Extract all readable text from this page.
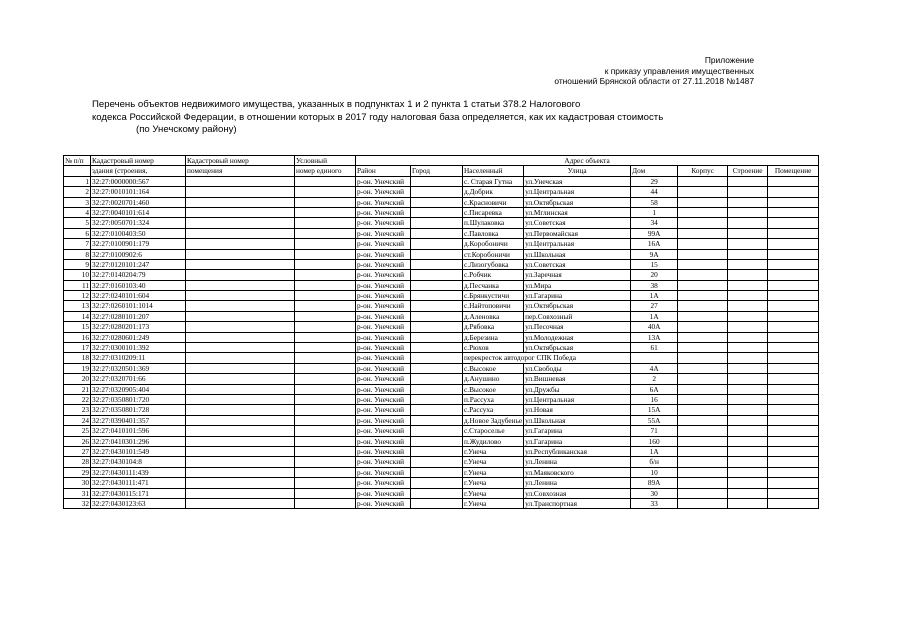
Приложение
к приказу управления имущественных
отношений Брянской области от 27.11.2018 №1487
Перечень объектов недвижимого имущества, указанных в подпунктах 1 и 2 пункта 1 статьи 378.2 Налогового
кодекса Российской Федерации, в отношении которых в 2017 году налоговая база определяется, как их кадастровая стоимость
(по Унечскому району)
№ п/п	Кадастровый номер	Кадастровый номер	Условный	Адрес объекта							
	здания (строения,	помещения	номер единого	Район	Город	Населенный	Улица	Дом	Корпус	Строение	Помещение
1	32:27:0000000:567			р-он. Унечский		с. Старая Гутна	ул.Унечская	29			
2	32:27:0010101:164			р-он. Унечский		д.Добрик	ул.Центральная	44			
3	32:27:0020701:460			р-он. Унечский		с.Красновичи	ул.Октябрьская	58			
4	32:27:0040101:614			р-он. Унечский		с.Писаревка	ул.Мглинская	1			
5	32:27:0050701:324			р-он. Унечский		п.Шулаковка	ул.Советская	34			
6	32:27:0100403:50			р-он. Унечский		с.Павловка	ул.Первомайская	99А			
7	32:27:0100901:179			р-он. Унечский		д.Коробоничи	ул.Центральная	16А			
8	32:27:0100902:6			р-он. Унечский		ст.Коробоничи	ул.Школьная	9А			
9	32:27:0120101:247			р-он. Унечский		с.Лизогубовка	ул.Советская	15			
10	32:27:0140204:79			р-он. Унечский		с.Робчик	ул.Заречная	20			
11	32:27:0160103:40			р-он. Унечский		д.Песчанка	ул.Мира	38			
12	32:27:0240101:604			р-он. Унечский		с.Брянкустичи	ул.Гагарина	1А			
13	32:27:0260101:1014			р-он. Унечский		с.Найтоповичи	ул.Октябрьская	27			
14	32:27:0280101:207			р-он. Унечский		д.Аленовка	пер.Совхозный	1А			
15	32:27:0280201:173			р-он. Унечский		д.Рябовка	ул.Песочная	40А			
16	32:27:0280601:249			р-он. Унечский		д.Березина	ул.Молодежная	13А			
17	32:27:0300101:392			р-он. Унечский		с.Рюхов	ул.Октябрьская	61			
18	32:27:0310209:11			р-он. Унечский		перекресток автодорог СПК Победа					
19	32:27:0320501:369			р-он. Унечский		с.Высокое	ул.Свободы	4А			
20	32:27:0320701:66			р-он. Унечский		д.Анушино	ул.Вишневая	2			
21	32:27:0320905:404			р-он. Унечский		с.Высокое	ул.Дружбы	6А			
22	32:27:0350801:720			р-он. Унечский		п.Рассуха	ул.Центральная	16			
23	32:27:0350801:728			р-он. Унечский		с.Рассуха	ул.Новая	15А			
24	32:27:0390401:357			р-он. Унечский		д.Новое Задубенье	ул.Школьная	55А			
25	32:27:0410101:596			р-он. Унечский		с.Староселье	ул.Гагарина	71			
26	32:27:0410301:296			р-он. Унечский		п.Жудилово	ул.Гагарина	160			
27	32:27:0430101:549			р-он. Унечский		г.Унеча	ул.Республиканская	1А			
28	32:27:0430104:8			р-он. Унечский		г.Унеча	ул.Ленина	б/н			
29	32:27:0430111:439			р-он. Унечский		г.Унеча	ул.Маяковского	10			
30	32:27:0430111:471			р-он. Унечский		г.Унеча	ул.Ленина	89А			
31	32:27:0430115:171			р-он. Унечский		г.Унеча	ул.Совхозная	30			
32	32:27:0430123:63			р-он. Унечский		г.Унеча	ул.Транспортная	33			
